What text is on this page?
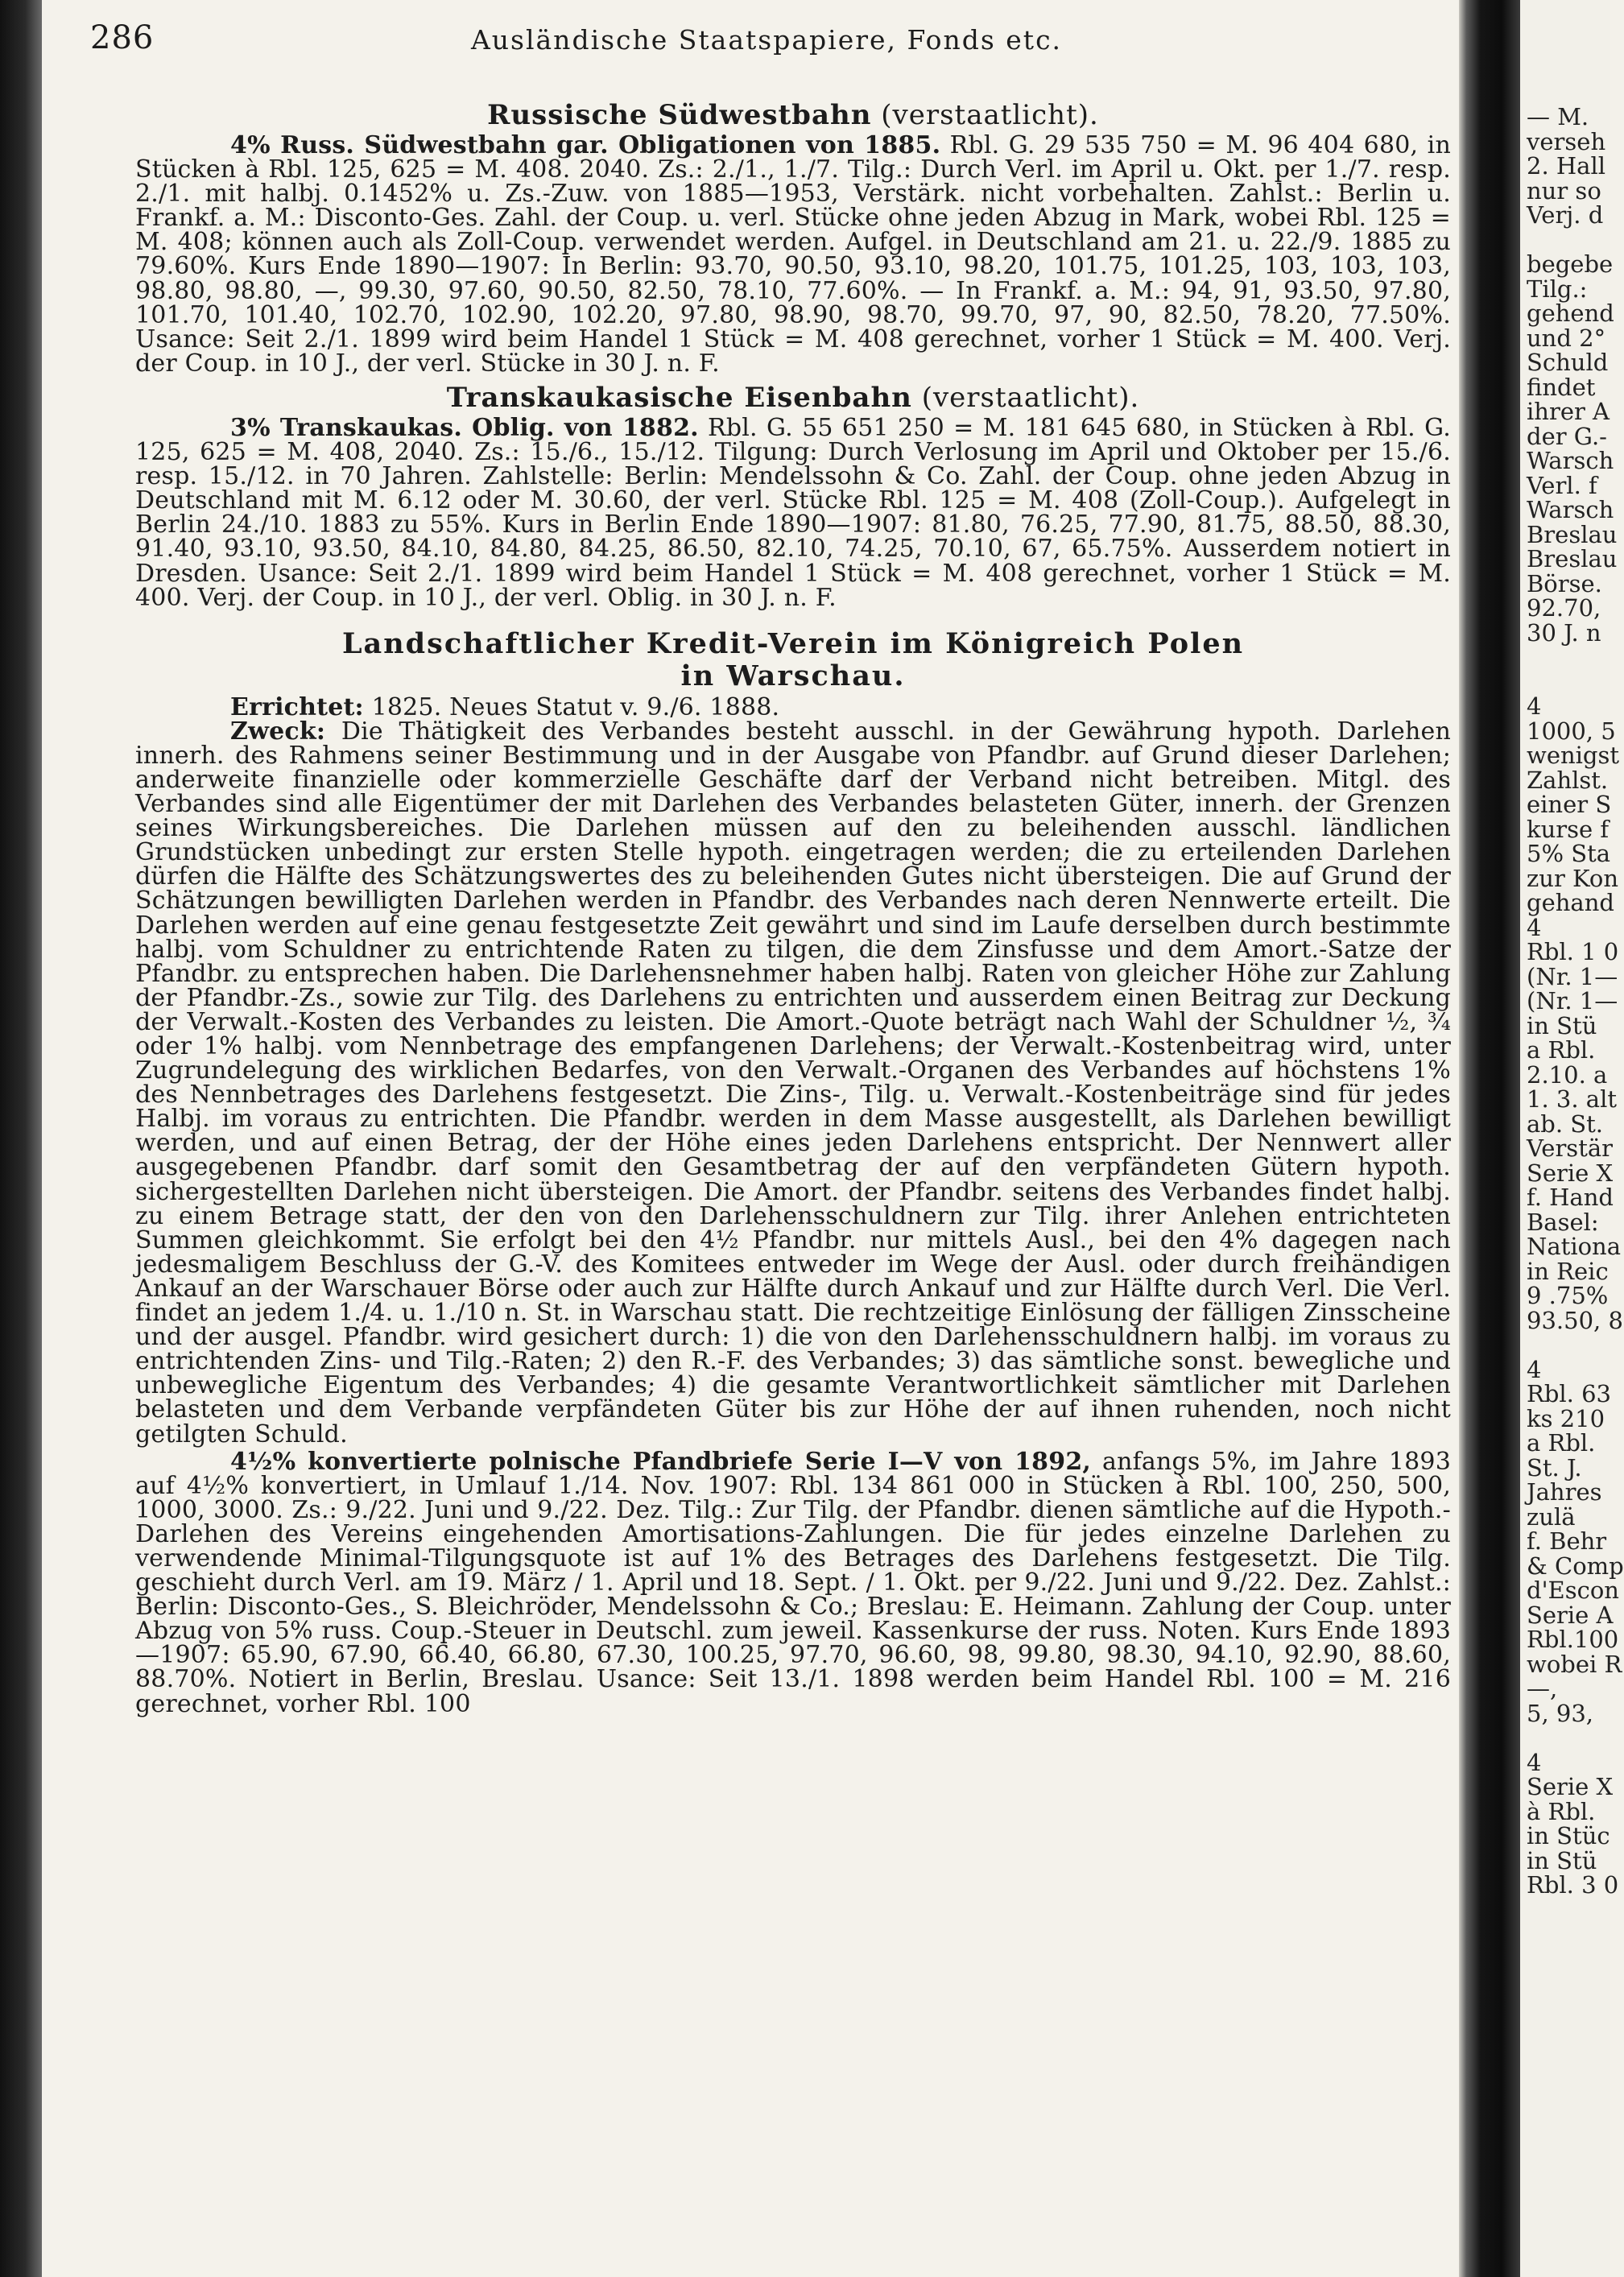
286	Ausländische Staatspapiere, Fonds etc.
Russische Südwestbahn (verstaatlicht).

4% Russ. Südwestbahn gar. Obligationen von 1885. Rbl. G. 29 535 750 = M. 96 404 680, in Stücken à Rbl. 125, 625 = M. 408. 2040. Zs.: 2./1., 1./7. Tilg.: Durch Verl. im April u. Okt. per 1./7. resp. 2./1. mit halbj. 0.1452% u. Zs.-Zuw. von 1885—1953, Verstärk. nicht vorbehalten. Zahlst.: Berlin u. Frankf. a. M.: Disconto-Ges. Zahl. der Coup. u. verl. Stücke ohne jeden Abzug in Mark, wobei Rbl. 125 = M. 408; können auch als Zoll-Coup. verwendet werden. Aufgel. in Deutschland am 21. u. 22./9. 1885 zu 79.60%. Kurs Ende 1890—1907: In Berlin: 93.70, 90.50, 93.10, 98.20, 101.75, 101.25, 103, 103, 103, 98.80, 98.80, —, 99.30, 97.60, 90.50, 82.50, 78.10, 77.60%. — In Frankf. a. M.: 94, 91, 93.50, 97.80, 101.70, 101.40, 102.70, 102.90, 102.20, 97.80, 98.90, 98.70, 99.70, 97, 90, 82.50, 78.20, 77.50%. Usance: Seit 2./1. 1899 wird beim Handel 1 Stück = M. 408 gerechnet, vorher 1 Stück = M. 400. Verj. der Coup. in 10 J., der verl. Stücke in 30 J. n. F.

Transkaukasische Eisenbahn (verstaatlicht).

3% Transkaukas. Oblig. von 1882. Rbl. G. 55 651 250 = M. 181 645 680, in Stücken à Rbl. G. 125, 625 = M. 408, 2040. Zs.: 15./6., 15./12. Tilgung: Durch Verlosung im April und Oktober per 15./6. resp. 15./12. in 70 Jahren. Zahlstelle: Berlin: Mendelssohn & Co. Zahl. der Coup. ohne jeden Abzug in Deutschland mit M. 6.12 oder M. 30.60, der verl. Stücke Rbl. 125 = M. 408 (Zoll-Coup.). Aufgelegt in Berlin 24./10. 1883 zu 55%. Kurs in Berlin Ende 1890—1907: 81.80, 76.25, 77.90, 81.75, 88.50, 88.30, 91.40, 93.10, 93.50, 84.10, 84.80, 84.25, 86.50, 82.10, 74.25, 70.10, 67, 65.75%. Ausserdem notiert in Dresden. Usance: Seit 2./1. 1899 wird beim Handel 1 Stück = M. 408 gerechnet, vorher 1 Stück = M. 400. Verj. der Coup. in 10 J., der verl. Oblig. in 30 J. n. F.

Landschaftlicher Kredit-Verein im Königreich Polen
in Warschau.

Errichtet: 1825. Neues Statut v. 9./6. 1888.

Zweck: Die Thätigkeit des Verbandes besteht ausschl. in der Gewährung hypoth. Darlehen innerh. des Rahmens seiner Bestimmung und in der Ausgabe von Pfandbr. auf Grund dieser Darlehen; anderweite finanzielle oder kommerzielle Geschäfte darf der Verband nicht betreiben. Mitgl. des Verbandes sind alle Eigentümer der mit Darlehen des Verbandes belasteten Güter, innerh. der Grenzen seines Wirkungsbereiches. Die Darlehen müssen auf den zu beleihenden ausschl. ländlichen Grundstücken unbedingt zur ersten Stelle hypoth. eingetragen werden; die zu erteilenden Darlehen dürfen die Hälfte des Schätzungswertes des zu beleihenden Gutes nicht übersteigen. Die auf Grund der Schätzungen bewilligten Darlehen werden in Pfandbr. des Verbandes nach deren Nennwerte erteilt. Die Darlehen werden auf eine genau festgesetzte Zeit gewährt und sind im Laufe derselben durch bestimmte halbj. vom Schuldner zu entrichtende Raten zu tilgen, die dem Zinsfusse und dem Amort.-Satze der Pfandbr. zu entsprechen haben. Die Darlehensnehmer haben halbj. Raten von gleicher Höhe zur Zahlung der Pfandbr.-Zs., sowie zur Tilg. des Darlehens zu entrichten und ausserdem einen Beitrag zur Deckung der Verwalt.-Kosten des Verbandes zu leisten. Die Amort.-Quote beträgt nach Wahl der Schuldner ½, ¾ oder 1% halbj. vom Nennbetrage des empfangenen Darlehens; der Verwalt.-Kostenbeitrag wird, unter Zugrundelegung des wirklichen Bedarfes, von den Verwalt.-Organen des Verbandes auf höchstens 1% des Nennbetrages des Darlehens festgesetzt. Die Zins-, Tilg. u. Verwalt.-Kostenbeiträge sind für jedes Halbj. im voraus zu entrichten. Die Pfandbr. werden in dem Masse ausgestellt, als Darlehen bewilligt werden, und auf einen Betrag, der der Höhe eines jeden Darlehens entspricht. Der Nennwert aller ausgegebenen Pfandbr. darf somit den Gesamtbetrag der auf den verpfändeten Gütern hypoth. sichergestellten Darlehen nicht übersteigen. Die Amort. der Pfandbr. seitens des Verbandes findet halbj. zu einem Betrage statt, der den von den Darlehensschuldnern zur Tilg. ihrer Anlehen entrichteten Summen gleichkommt. Sie erfolgt bei den 4½ Pfandbr. nur mittels Ausl., bei den 4% dagegen nach jedesmaligem Beschluss der G.-V. des Komitees entweder im Wege der Ausl. oder durch freihändigen Ankauf an der Warschauer Börse oder auch zur Hälfte durch Ankauf und zur Hälfte durch Verl. Die Verl. findet an jedem 1./4. u. 1./10 n. St. in Warschau statt. Die rechtzeitige Einlösung der fälligen Zinsscheine und der ausgel. Pfandbr. wird gesichert durch: 1) die von den Darlehensschuldnern halbj. im voraus zu entrichtenden Zins- und Tilg.-Raten; 2) den R.-F. des Verbandes; 3) das sämtliche sonst. bewegliche und unbewegliche Eigentum des Verbandes; 4) die gesamte Verantwortlichkeit sämtlicher mit Darlehen belasteten und dem Verbande verpfändeten Güter bis zur Höhe der auf ihnen ruhenden, noch nicht getilgten Schuld.

4½% konvertierte polnische Pfandbriefe Serie I—V von 1892, anfangs 5%, im Jahre 1893 auf 4½% konvertiert, in Umlauf 1./14. Nov. 1907: Rbl. 134 861 000 in Stücken à Rbl. 100, 250, 500, 1000, 3000. Zs.: 9./22. Juni und 9./22. Dez. Tilg.: Zur Tilg. der Pfandbr. dienen sämtliche auf die Hypoth.-Darlehen des Vereins eingehenden Amortisations-Zahlungen. Die für jedes einzelne Darlehen zu verwendende Minimal-Tilgungsquote ist auf 1% des Betrages des Darlehens festgesetzt. Die Tilg. geschieht durch Verl. am 19. März / 1. April und 18. Sept. / 1. Okt. per 9./22. Juni und 9./22. Dez. Zahlst.: Berlin: Disconto-Ges., S. Bleichröder, Mendelssohn & Co.; Breslau: E. Heimann. Zahlung der Coup. unter Abzug von 5% russ. Coup.-Steuer in Deutschl. zum jeweil. Kassenkurse der russ. Noten. Kurs Ende 1893—1907: 65.90, 67.90, 66.40, 66.80, 67.30, 100.25, 97.70, 96.60, 98, 99.80, 98.30, 94.10, 92.90, 88.60, 88.70%. Notiert in Berlin, Breslau. Usance: Seit 13./1. 1898 werden beim Handel Rbl. 100 = M. 216 gerechnet, vorher Rbl. 100

— M.
verseh
2. Hall
nur so
Verj. d
begebe
Tilg.:
gehend
und 2°
Schuld
findet
ihrer A
der G.-
Warsch
Verl. f
Warsch
Breslau
Breslau
Börse.
92.70,
30 J. n
4
1000, 5
wenigst
Zahlst.
einer S
kurse f
5% Sta
zur Kon
gehand
4
Rbl. 1 0
(Nr. 1—
(Nr. 1—
in Stü
a Rbl.
2.10. a
1. 3. alt
ab. St.
Verstär
Serie X
f. Hand
Basel:
Nationa
in Reic
9 .75%
93.50, 8
4
Rbl. 63
ks 210
a Rbl.
St. J.
Jahres
zulä
f. Behr
& Comp
d'Escon
Serie A
Rbl.100
wobei R
—,
5, 93,
4
Serie X
à Rbl.
in Stüc
in Stü
Rbl. 3 0
